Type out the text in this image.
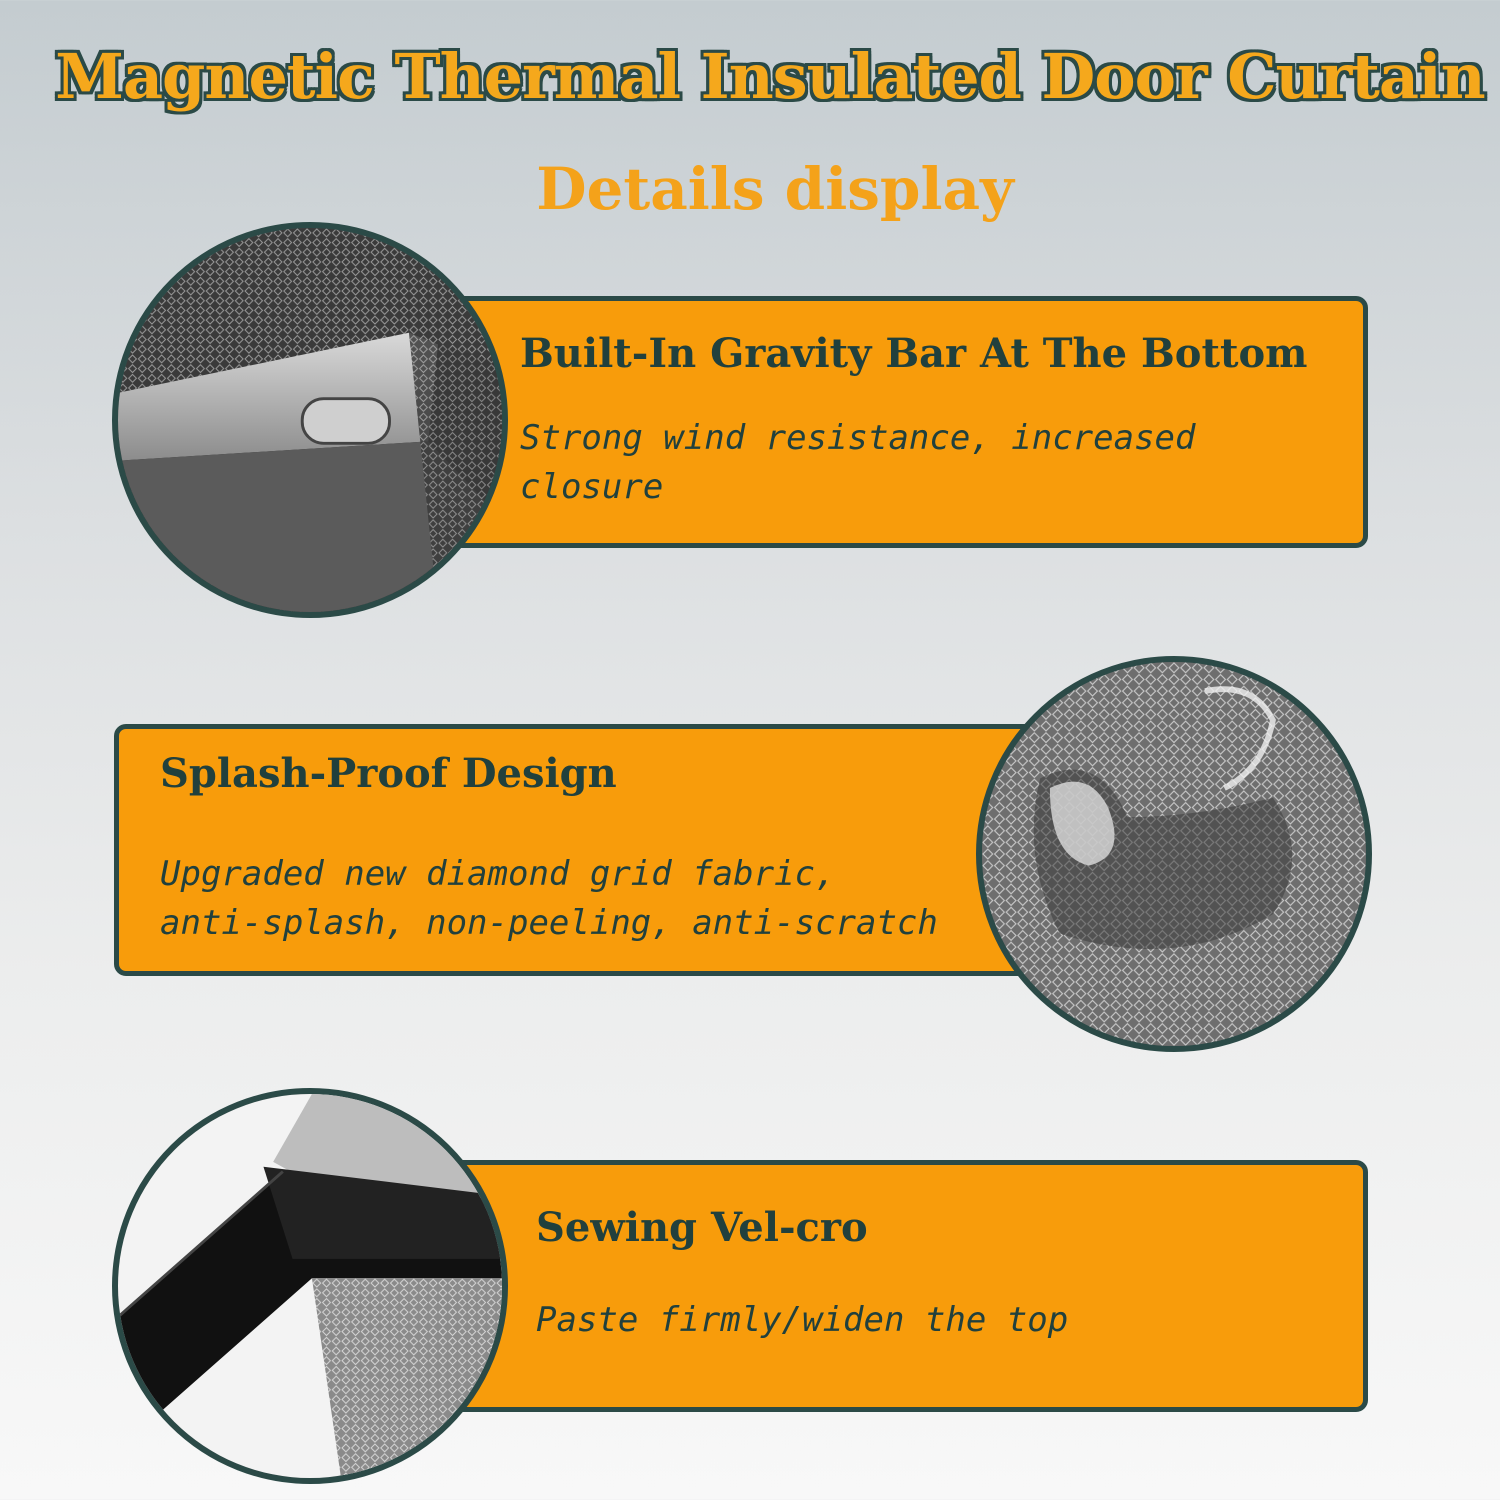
Magnetic Thermal Insulated Door Curtain
Details display
Built-In Gravity Bar At The Bottom
Strong wind resistance, increased closure
Splash-Proof Design
Upgraded new diamond grid fabric, anti-splash, non-peeling, anti-scratch
Sewing Vel-cro
Paste firmly/widen the top
